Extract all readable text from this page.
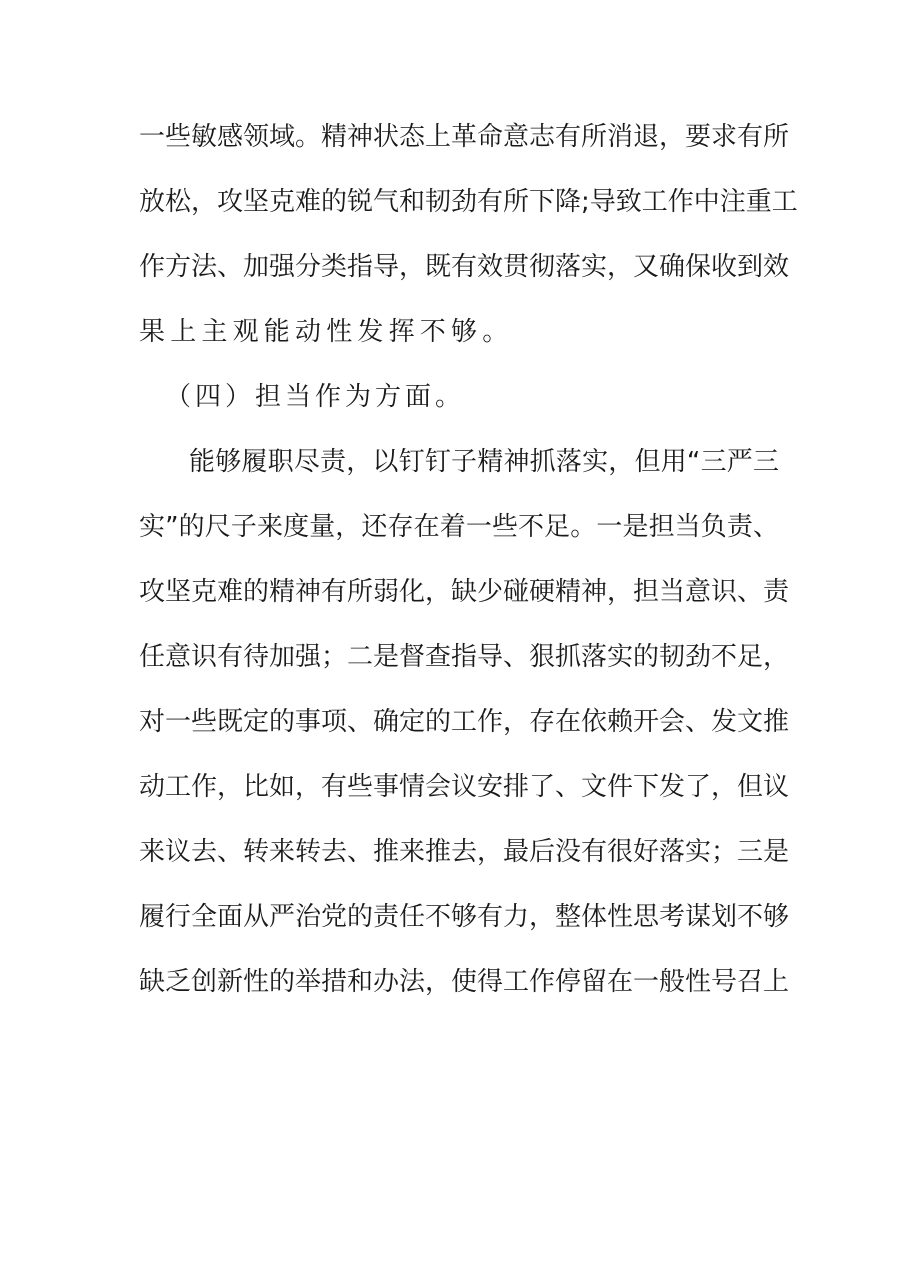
一些敏感领域。精神状态上革命意志有所消退，要求有所
放松，攻坚克难的锐气和韧劲有所下降;导致工作中注重工
作方法、加强分类指导，既有效贯彻落实，又确保收到效
果上主观能动性发挥不够。
（四）担当作为方面。
能够履职尽责，以钉钉子精神抓落实，但用“三严三
实”的尺子来度量，还存在着一些不足。一是担当负责、
攻坚克难的精神有所弱化，缺少碰硬精神，担当意识、责
任意识有待加强；二是督查指导、狠抓落实的韧劲不足，
对一些既定的事项、确定的工作，存在依赖开会、发文推
动工作，比如，有些事情会议安排了、文件下发了，但议
来议去、转来转去、推来推去，最后没有很好落实；三是
履行全面从严治党的责任不够有力，整体性思考谋划不够
缺乏创新性的举措和办法，使得工作停留在一般性号召上
